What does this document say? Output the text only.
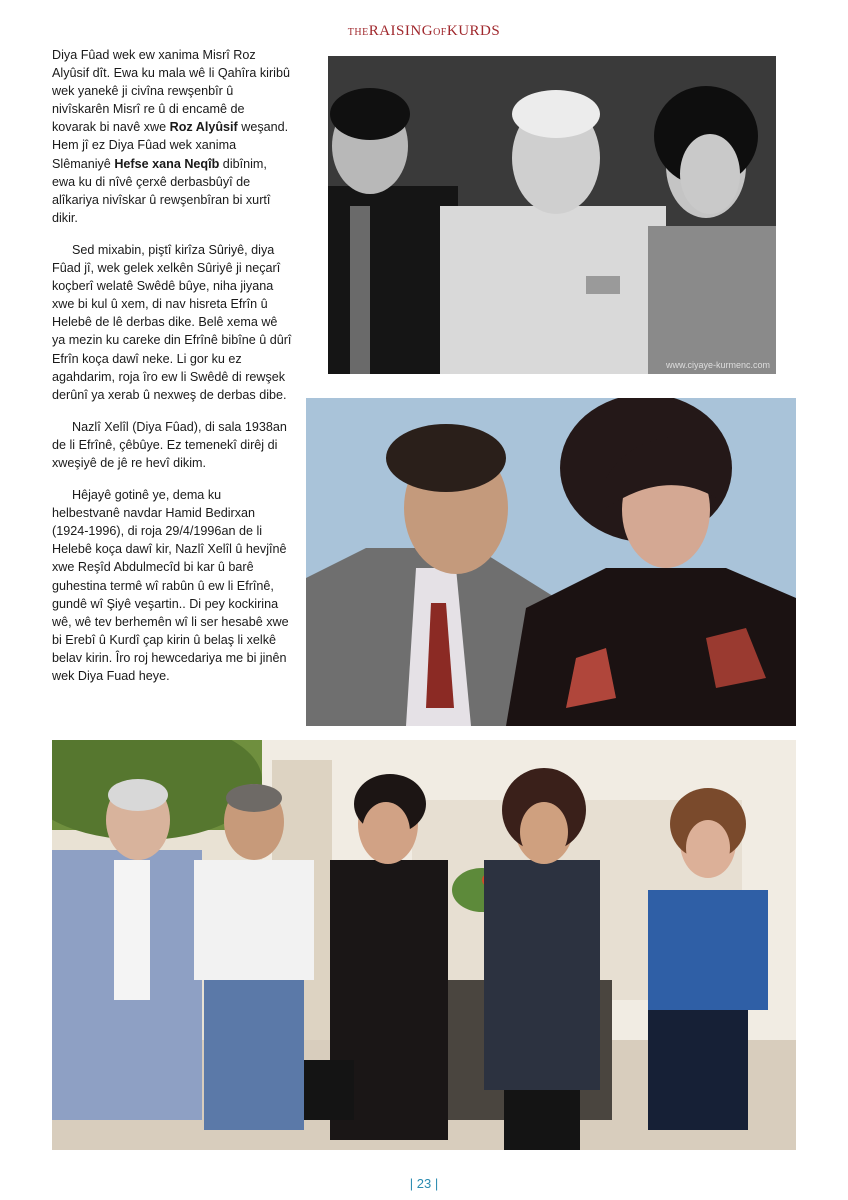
THERAISINGOFKURDS

Diya Fûad wek ew xanima Misrî Roz Alyûsif dît. Ewa ku mala wê li Qahîra kiribû wek yanekê ji civîna rewşenbîr û nivîskarên Misrî re û di encamê de kovarak bi navê xwe Roz Alyûsif weşand. Hem jî ez Diya Fûad wek xanima Slêmaniyê Hefse xana Neqîb dibînim, ewa ku di nîvê çerxê derbasbûyî de alîkariya nivîskar û rewşenbîran bi xurtî dikir.

Sed mixabin, piştî kirîza Sûriyê, diya Fûad jî, wek gelek xelkên Sûriyê ji neçarî koçberî welatê Swêdê bûye, niha jiyana xwe bi kul û xem, di nav hisreta Efrîn û Helebê de lê derbas dike. Belê xema wê ya mezin ku careke din Efrînê bibîne û dûrî Efrîn koça dawî neke. Li gor ku ez agahdarim, roja îro ew li Swêdê di rewşek derûnî ya xerab û nexweş de derbas dibe.

Nazlî Xelîl (Diya Fûad), di sala 1938an de li Efrînê, çêbûye. Ez temenekî dirêj di xweşiyê de jê re hevî dikim.

Hêjayê gotinê ye, dema ku helbestvanê navdar Hamid Bedirxan (1924-1996), di roja 29/4/1996an de li Helebê koça dawî kir, Nazlî Xelîl û hevjînê xwe Reşîd Abdulmecîd bi kar û barê guhestina termê wî rabûn û ew li Efrînê, gundê wî Şiyê veşartin.. Di pey kockirina wê, wê tev berhemên wî li ser hesabê xwe bi Erebî û Kurdî çap kirin û belaş li xelkê belav kirin. Îro roj hewcedariya me bi jinên wek Diya Fuad heye.

www.ciyaye-kurmenc.com
| 23 |
